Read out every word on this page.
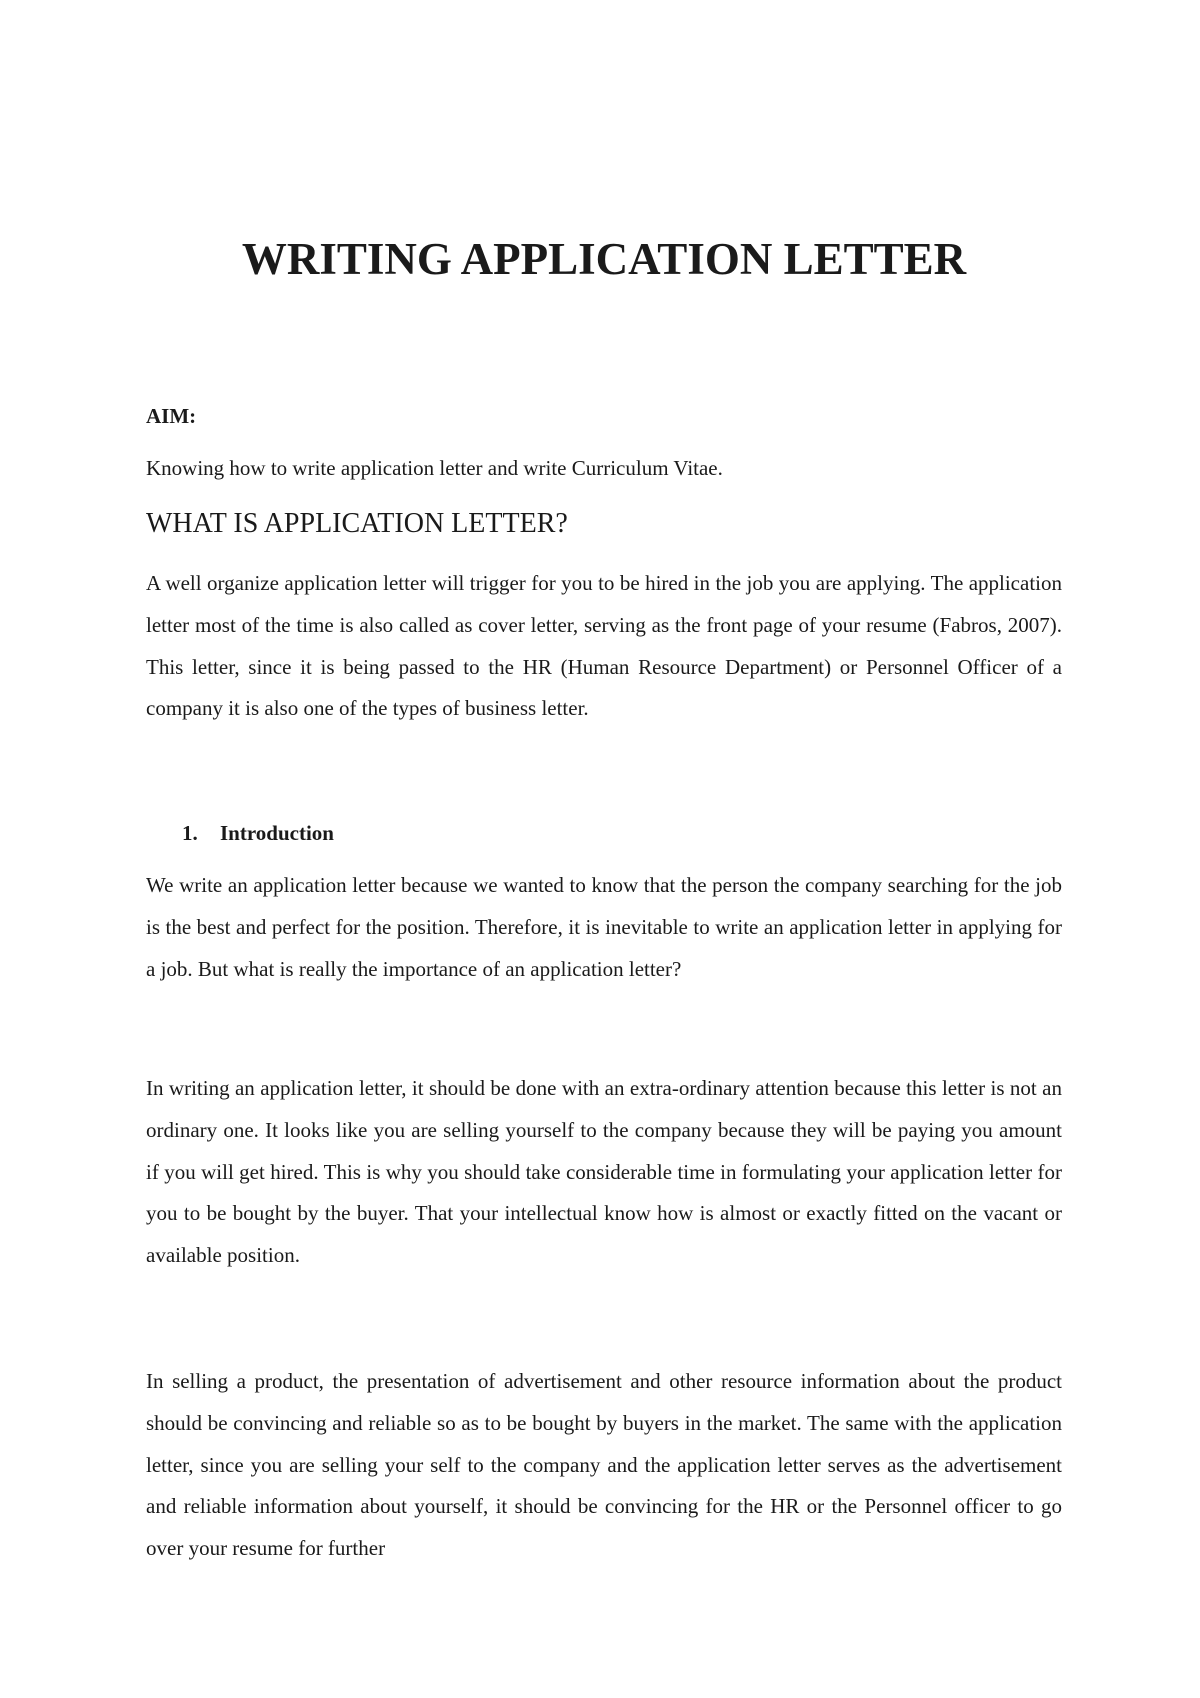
WRITING APPLICATION LETTER

AIM:

Knowing how to write application letter and write Curriculum Vitae.

WHAT IS APPLICATION LETTER?

A well organize application letter will trigger for you to be hired in the job you are applying. The application letter most of the time is also called as cover letter, serving as the front page of your resume (Fabros, 2007). This letter, since it is being passed to the HR (Human Resource Department) or Personnel Officer of a company it is also one of the types of business letter.

1. Introduction

We write an application letter because we wanted to know that the person the company searching for the job is the best and perfect for the position. Therefore, it is inevitable to write an application letter in applying for a job. But what is really the importance of an application letter?

In writing an application letter, it should be done with an extra-ordinary attention because this letter is not an ordinary one. It looks like you are selling yourself to the company because they will be paying you amount if you will get hired. This is why you should take considerable time in formulating your application letter for you to be bought by the buyer. That your intellectual know how is almost or exactly fitted on the vacant or available position.

In selling a product, the presentation of advertisement and other resource information about the product should be convincing and reliable so as to be bought by buyers in the market. The same with the application letter, since you are selling your self to the company and the application letter serves as the advertisement and reliable information about yourself, it should be convincing for the HR or the Personnel officer to go over your resume for further
